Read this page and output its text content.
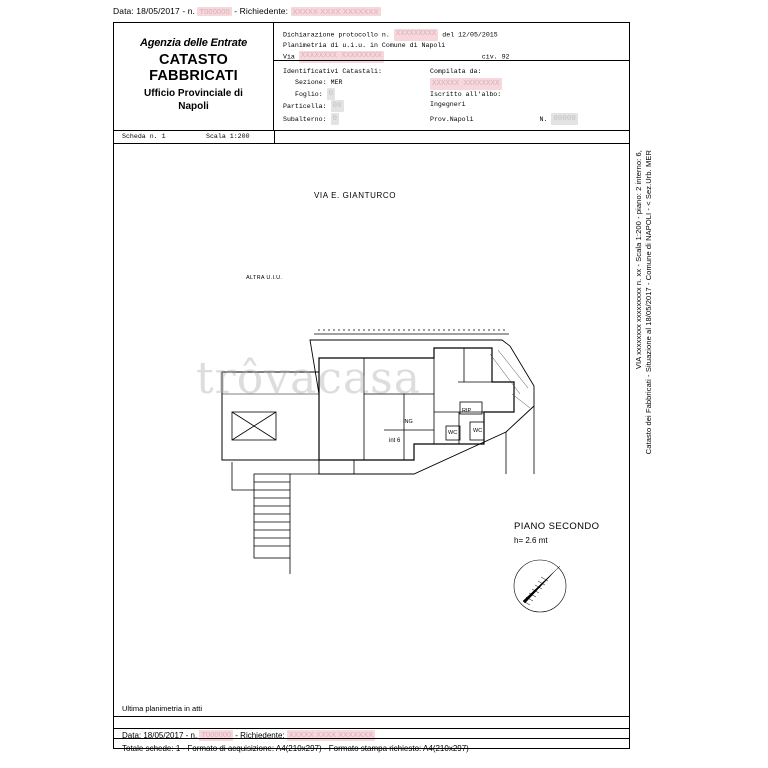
Data: 18/05/2017 - n. T000000 - Richiedente: XXXXX XXXX XXXXXXX
Agenzia delle Entrate
CATASTO FABBRICATI
Ufficio Provinciale di
Napoli
Dichiarazione protocollo n. XXXXXXXXX del 12/05/2015
Planimetria di u.i.u. in Comune di Napoli
Via XXXXXXXX XXXXXXXXX	civ. 92
Identificativi Catastali:
Sezione: MER
Foglio: 0
Particella: 00
Subalterno: 0
Compilata da:
XXXXXX XXXXXXXX
Iscritto all'albo:
Ingegneri
Prov.Napoli	N. 00000
Scheda n. 1	Scala 1:200
ING
RIP
WC	WC
int 6
VIA E. GIANTURCO
ALTRA U.I.U.
PIANO SECONDO
h= 2.6 mt
Ultima planimetria in atti
Data: 18/05/2017 - n. T000000 - Richiedente: XXXXX XXXX XXXXXXX
Totale schede: 1 - Formato di acquisizione: A4(210x297) - Formato stampa richiesto: A4(210x297)
Catasto dei Fabbricati - Situazione al 18/05/2017 - Comune di NAPOLI - < Sez.Urb. MER
VIA xxxxxxxx xxxxxxxxx n. xx - Scala 1:200 - piano: 2 interno: 6,
trôvacasa
